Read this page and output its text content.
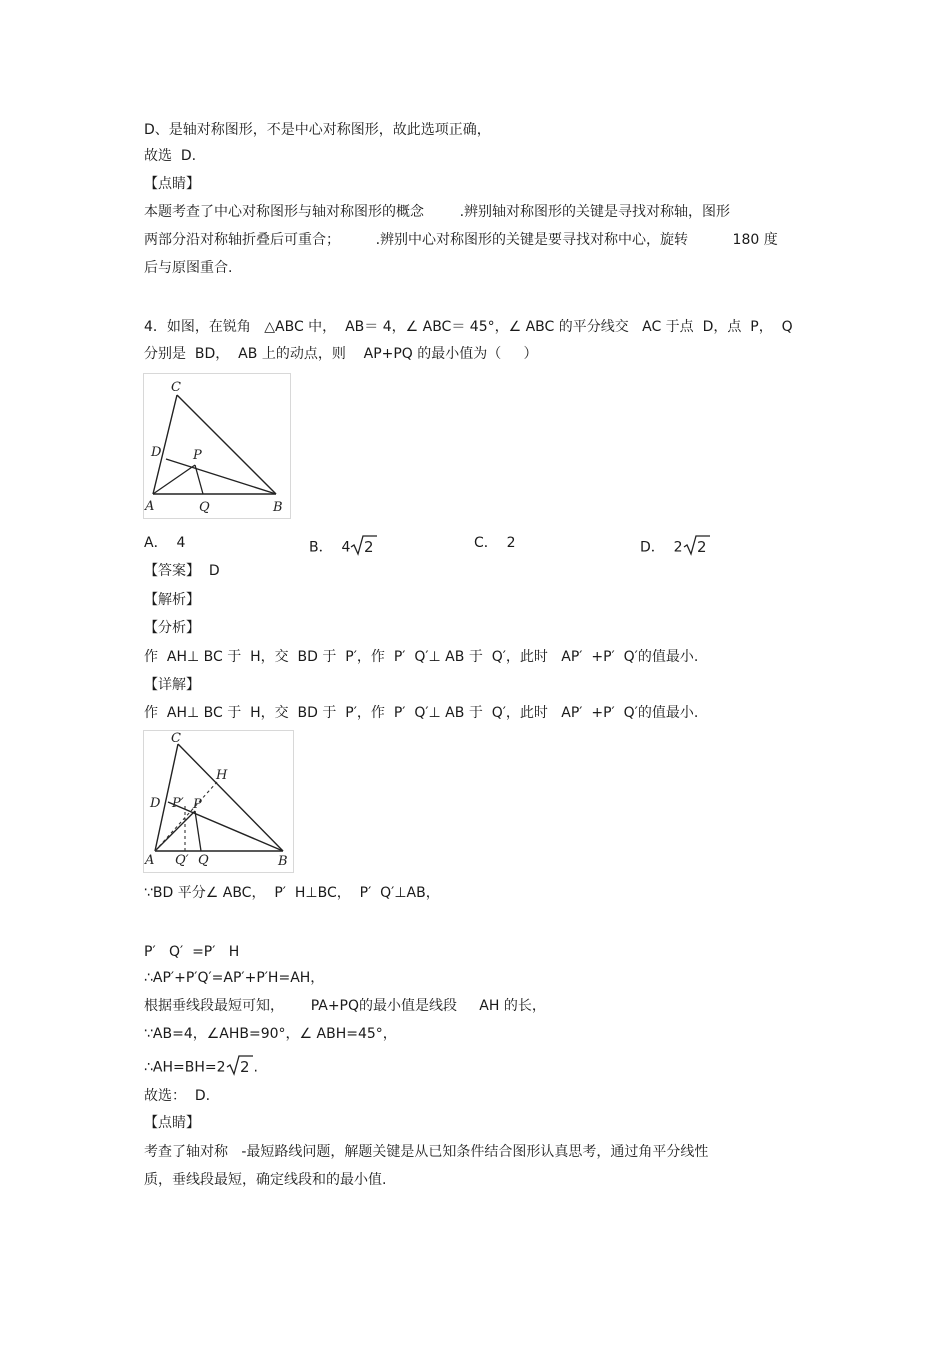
D、是轴对称图形，不是中心对称图形，故此选项正确，
故选  D.
【点睛】
本题考查了中心对称图形与轴对称图形的概念        .辨别轴对称图形的关键是寻找对称轴，图形
两部分沿对称轴折叠后可重合；        .辨别中心对称图形的关键是要寻找对称中心，旋转          180 度
后与原图重合.
4．如图，在锐角   △ABC 中，  AB＝ 4，∠ ABC＝ 45°，∠ ABC 的平分线交   AC 于点  D，点  P，  Q
分别是  BD，  AB 上的动点，则    AP+PQ 的最小值为（     ）
C
D P
A	Q	B
A．  4	B．  4 2	C．  2	D．  2 2
【答案】  D
【解析】
【分析】
作  AH⊥ BC 于  H，交  BD 于  P′，作  P′  Q′⊥ AB 于  Q′，此时   AP′  +P′  Q′的值最小.
【详解】
作  AH⊥ BC 于  H，交  BD 于  P′，作  P′  Q′⊥ AB 于  Q′，此时   AP′  +P′  Q′的值最小.
C
H
D P′ P
A Q′ Q	B
∵BD 平分∠ ABC，  P′  H⊥BC，  P′  Q′⊥AB，
P′   Q′  =P′   H
∴AP′+P′Q′=AP′+P′H=AH，
根据垂线段最短可知，      PA+PQ的最小值是线段     AH 的长，
∵AB=4，∠AHB=90°，∠ ABH=45°，
∴AH=BH=2 2 .
故选：  D.
【点睛】
考查了轴对称   -最短路线问题，解题关键是从已知条件结合图形认真思考，通过角平分线性
质，垂线段最短，确定线段和的最小值.
